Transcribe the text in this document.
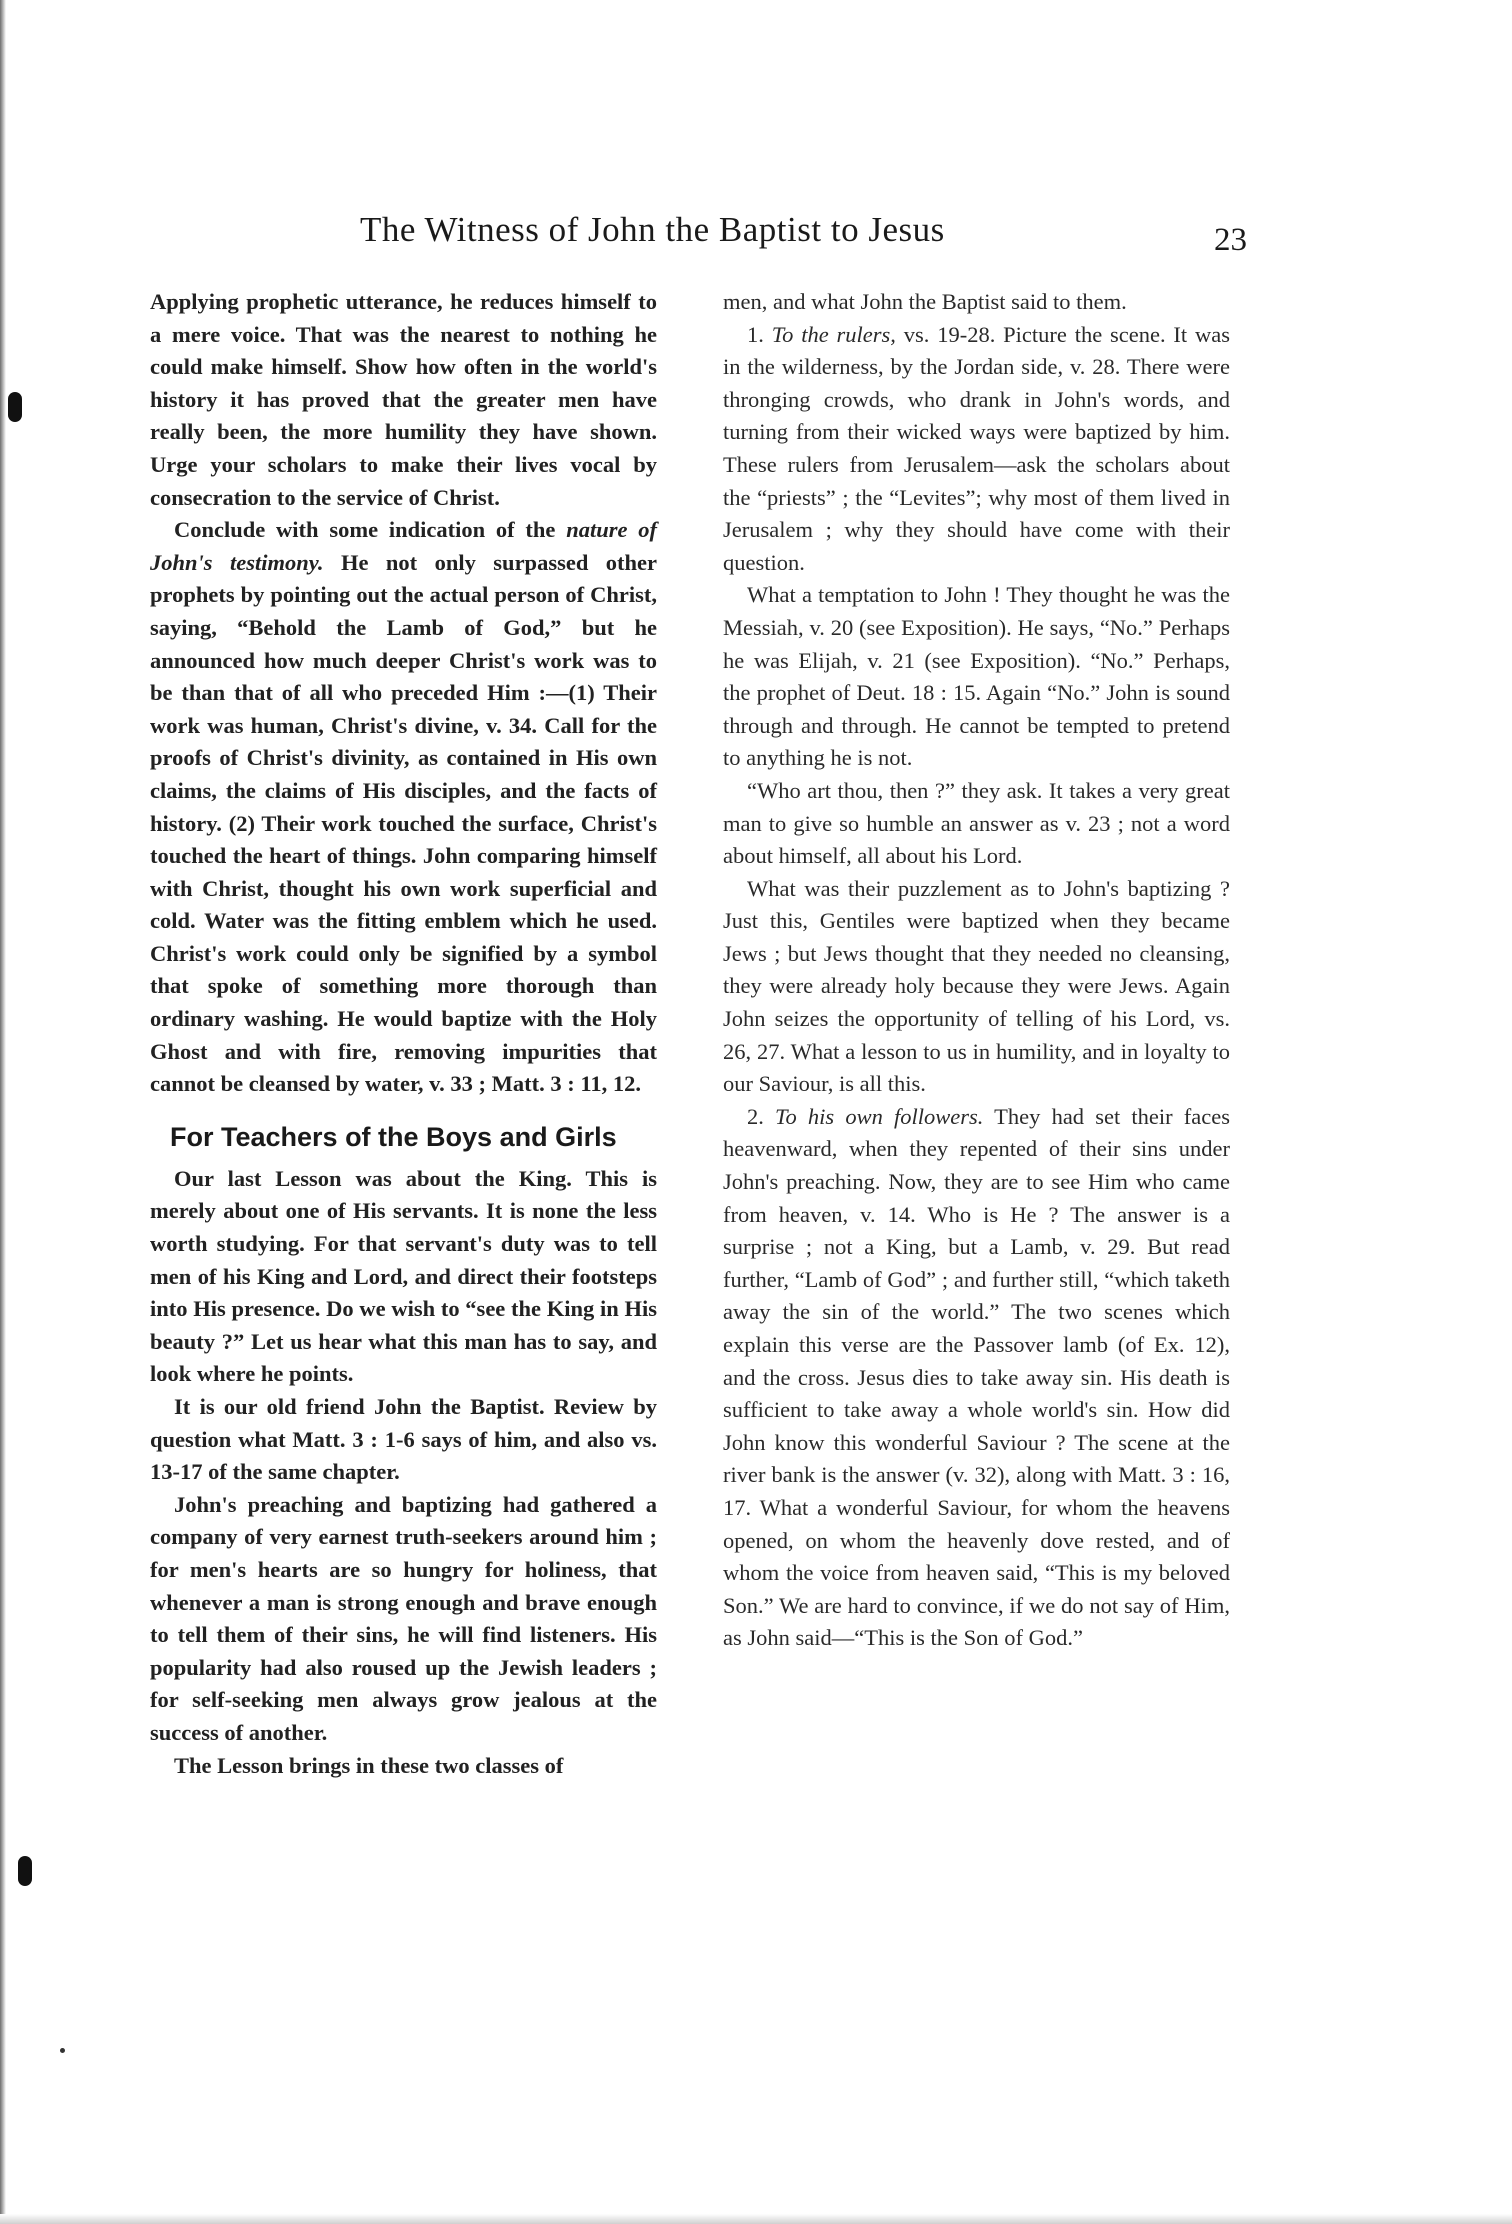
The Witness of John the Baptist to Jesus	23

Applying prophetic utterance, he reduces himself to a mere voice. That was the nearest to nothing he could make himself. Show how often in the world's history it has proved that the greater men have really been, the more humility they have shown. Urge your scholars to make their lives vocal by consecration to the service of Christ.

Conclude with some indication of the nature of John's testimony. He not only surpassed other prophets by pointing out the actual person of Christ, saying, “Behold the Lamb of God,” but he announced how much deeper Christ's work was to be than that of all who preceded Him :—(1) Their work was human, Christ's divine, v. 34. Call for the proofs of Christ's divinity, as contained in His own claims, the claims of His disciples, and the facts of history. (2) Their work touched the surface, Christ's touched the heart of things. John comparing himself with Christ, thought his own work superficial and cold. Water was the fitting emblem which he used. Christ's work could only be signified by a symbol that spoke of something more thorough than ordinary washing. He would baptize with the Holy Ghost and with fire, removing impurities that cannot be cleansed by water, v. 33 ; Matt. 3 : 11, 12.

For Teachers of the Boys and Girls

Our last Lesson was about the King. This is merely about one of His servants. It is none the less worth studying. For that servant's duty was to tell men of his King and Lord, and direct their footsteps into His presence. Do we wish to “see the King in His beauty ?” Let us hear what this man has to say, and look where he points.

It is our old friend John the Baptist. Review by question what Matt. 3 : 1-6 says of him, and also vs. 13-17 of the same chapter.

John's preaching and baptizing had gathered a company of very earnest truth-seekers around him ; for men's hearts are so hungry for holiness, that whenever a man is strong enough and brave enough to tell them of their sins, he will find listeners. His popularity had also roused up the Jewish leaders ; for self-seeking men always grow jealous at the success of another.

The Lesson brings in these two classes of

men, and what John the Baptist said to them.

1. To the rulers, vs. 19-28. Picture the scene. It was in the wilderness, by the Jordan side, v. 28. There were thronging crowds, who drank in John's words, and turning from their wicked ways were baptized by him. These rulers from Jerusalem—ask the scholars about the “priests” ; the “Levites”; why most of them lived in Jerusalem ; why they should have come with their question.

What a temptation to John ! They thought he was the Messiah, v. 20 (see Exposition). He says, “No.” Perhaps he was Elijah, v. 21 (see Exposition). “No.” Perhaps, the prophet of Deut. 18 : 15. Again “No.” John is sound through and through. He cannot be tempted to pretend to anything he is not.

“Who art thou, then ?” they ask. It takes a very great man to give so humble an answer as v. 23 ; not a word about himself, all about his Lord.

What was their puzzlement as to John's baptizing ? Just this, Gentiles were baptized when they became Jews ; but Jews thought that they needed no cleansing, they were already holy because they were Jews. Again John seizes the opportunity of telling of his Lord, vs. 26, 27. What a lesson to us in humility, and in loyalty to our Saviour, is all this.

2. To his own followers. They had set their faces heavenward, when they repented of their sins under John's preaching. Now, they are to see Him who came from heaven, v. 14. Who is He ? The answer is a surprise ; not a King, but a Lamb, v. 29. But read further, “Lamb of God” ; and further still, “which taketh away the sin of the world.” The two scenes which explain this verse are the Passover lamb (of Ex. 12), and the cross. Jesus dies to take away sin. His death is sufficient to take away a whole world's sin. How did John know this wonderful Saviour ? The scene at the river bank is the answer (v. 32), along with Matt. 3 : 16, 17. What a wonderful Saviour, for whom the heavens opened, on whom the heavenly dove rested, and of whom the voice from heaven said, “This is my beloved Son.” We are hard to convince, if we do not say of Him, as John said—“This is the Son of God.”
